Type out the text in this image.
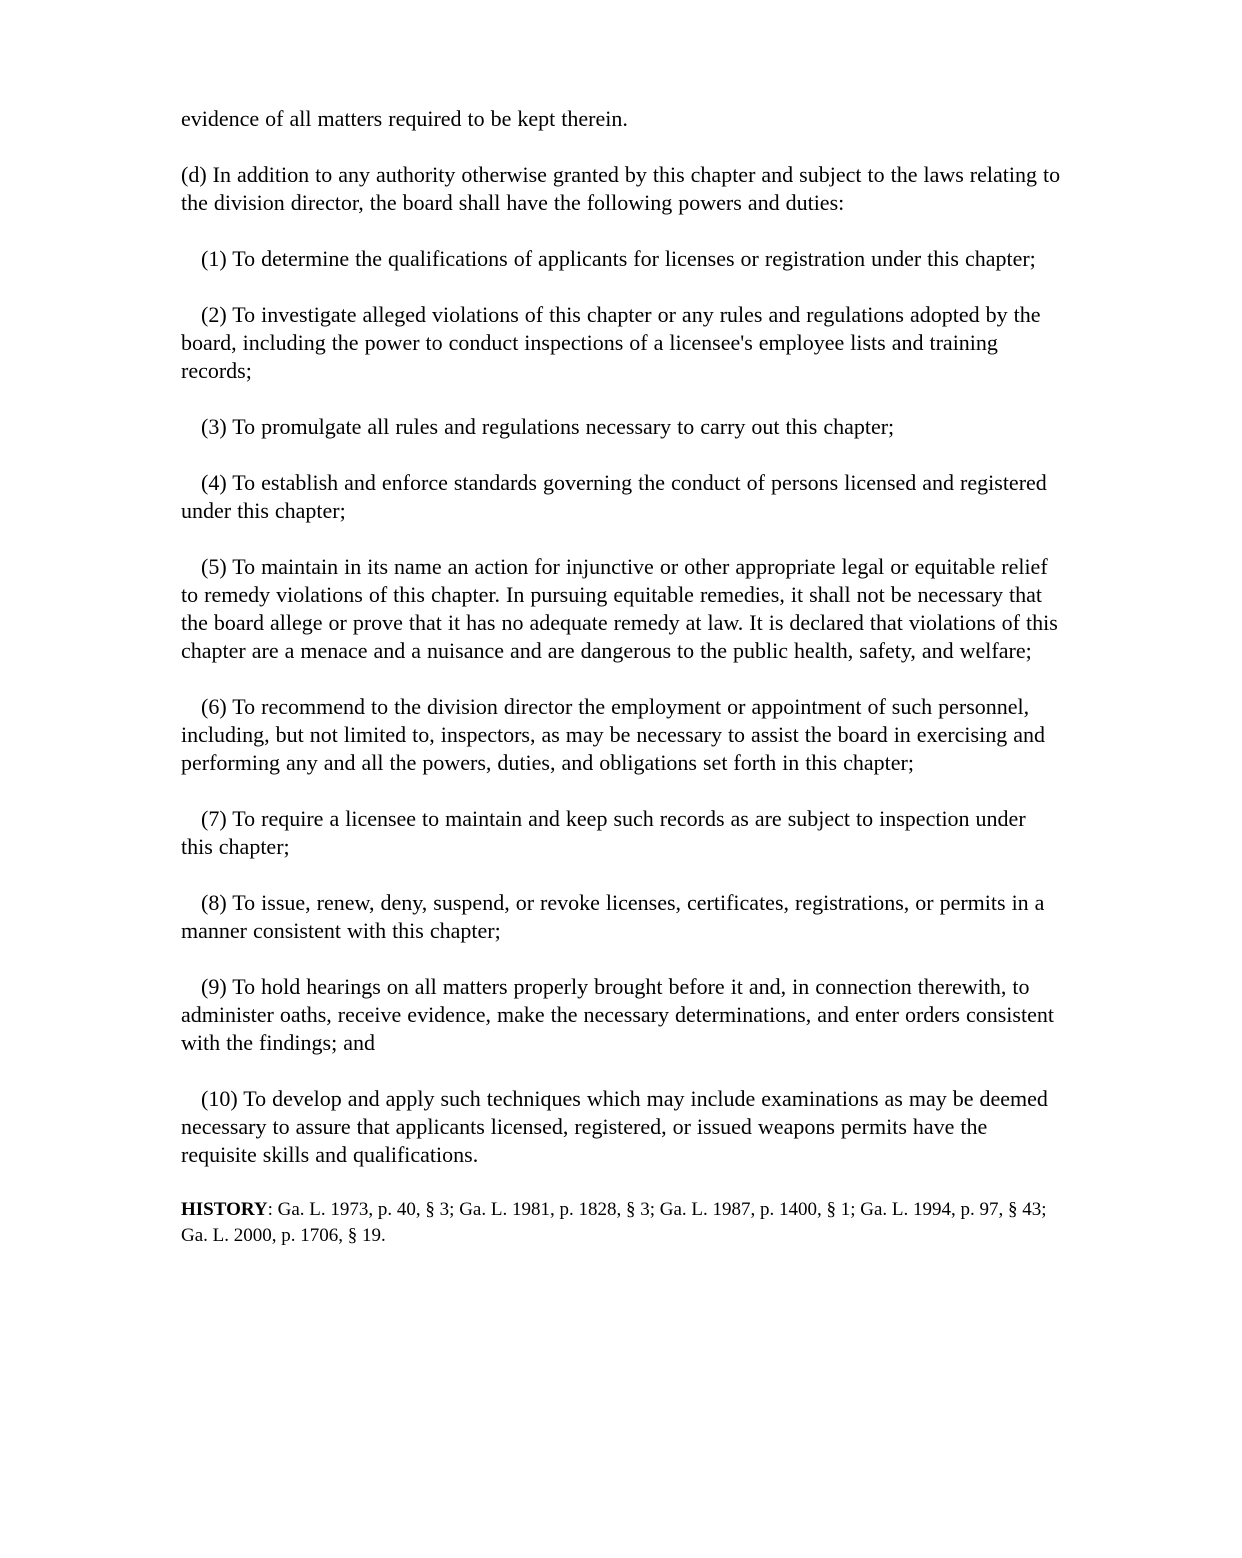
evidence of all matters required to be kept therein.

(d) In addition to any authority otherwise granted by this chapter and subject to the laws relating to the division director, the board shall have the following powers and duties:

(1) To determine the qualifications of applicants for licenses or registration under this chapter;

(2) To investigate alleged violations of this chapter or any rules and regulations adopted by the board, including the power to conduct inspections of a licensee's employee lists and training records;

(3) To promulgate all rules and regulations necessary to carry out this chapter;

(4) To establish and enforce standards governing the conduct of persons licensed and registered under this chapter;

(5) To maintain in its name an action for injunctive or other appropriate legal or equitable relief to remedy violations of this chapter. In pursuing equitable remedies, it shall not be necessary that the board allege or prove that it has no adequate remedy at law. It is declared that violations of this chapter are a menace and a nuisance and are dangerous to the public health, safety, and welfare;

(6) To recommend to the division director the employment or appointment of such personnel, including, but not limited to, inspectors, as may be necessary to assist the board in exercising and performing any and all the powers, duties, and obligations set forth in this chapter;

(7) To require a licensee to maintain and keep such records as are subject to inspection under this chapter;

(8) To issue, renew, deny, suspend, or revoke licenses, certificates, registrations, or permits in a manner consistent with this chapter;

(9) To hold hearings on all matters properly brought before it and, in connection therewith, to administer oaths, receive evidence, make the necessary determinations, and enter orders consistent with the findings; and

(10) To develop and apply such techniques which may include examinations as may be deemed necessary to assure that applicants licensed, registered, or issued weapons permits have the requisite skills and qualifications.

HISTORY: Ga. L. 1973, p. 40, § 3; Ga. L. 1981, p. 1828, § 3; Ga. L. 1987, p. 1400, § 1; Ga. L. 1994, p. 97, § 43; Ga. L. 2000, p. 1706, § 19.
